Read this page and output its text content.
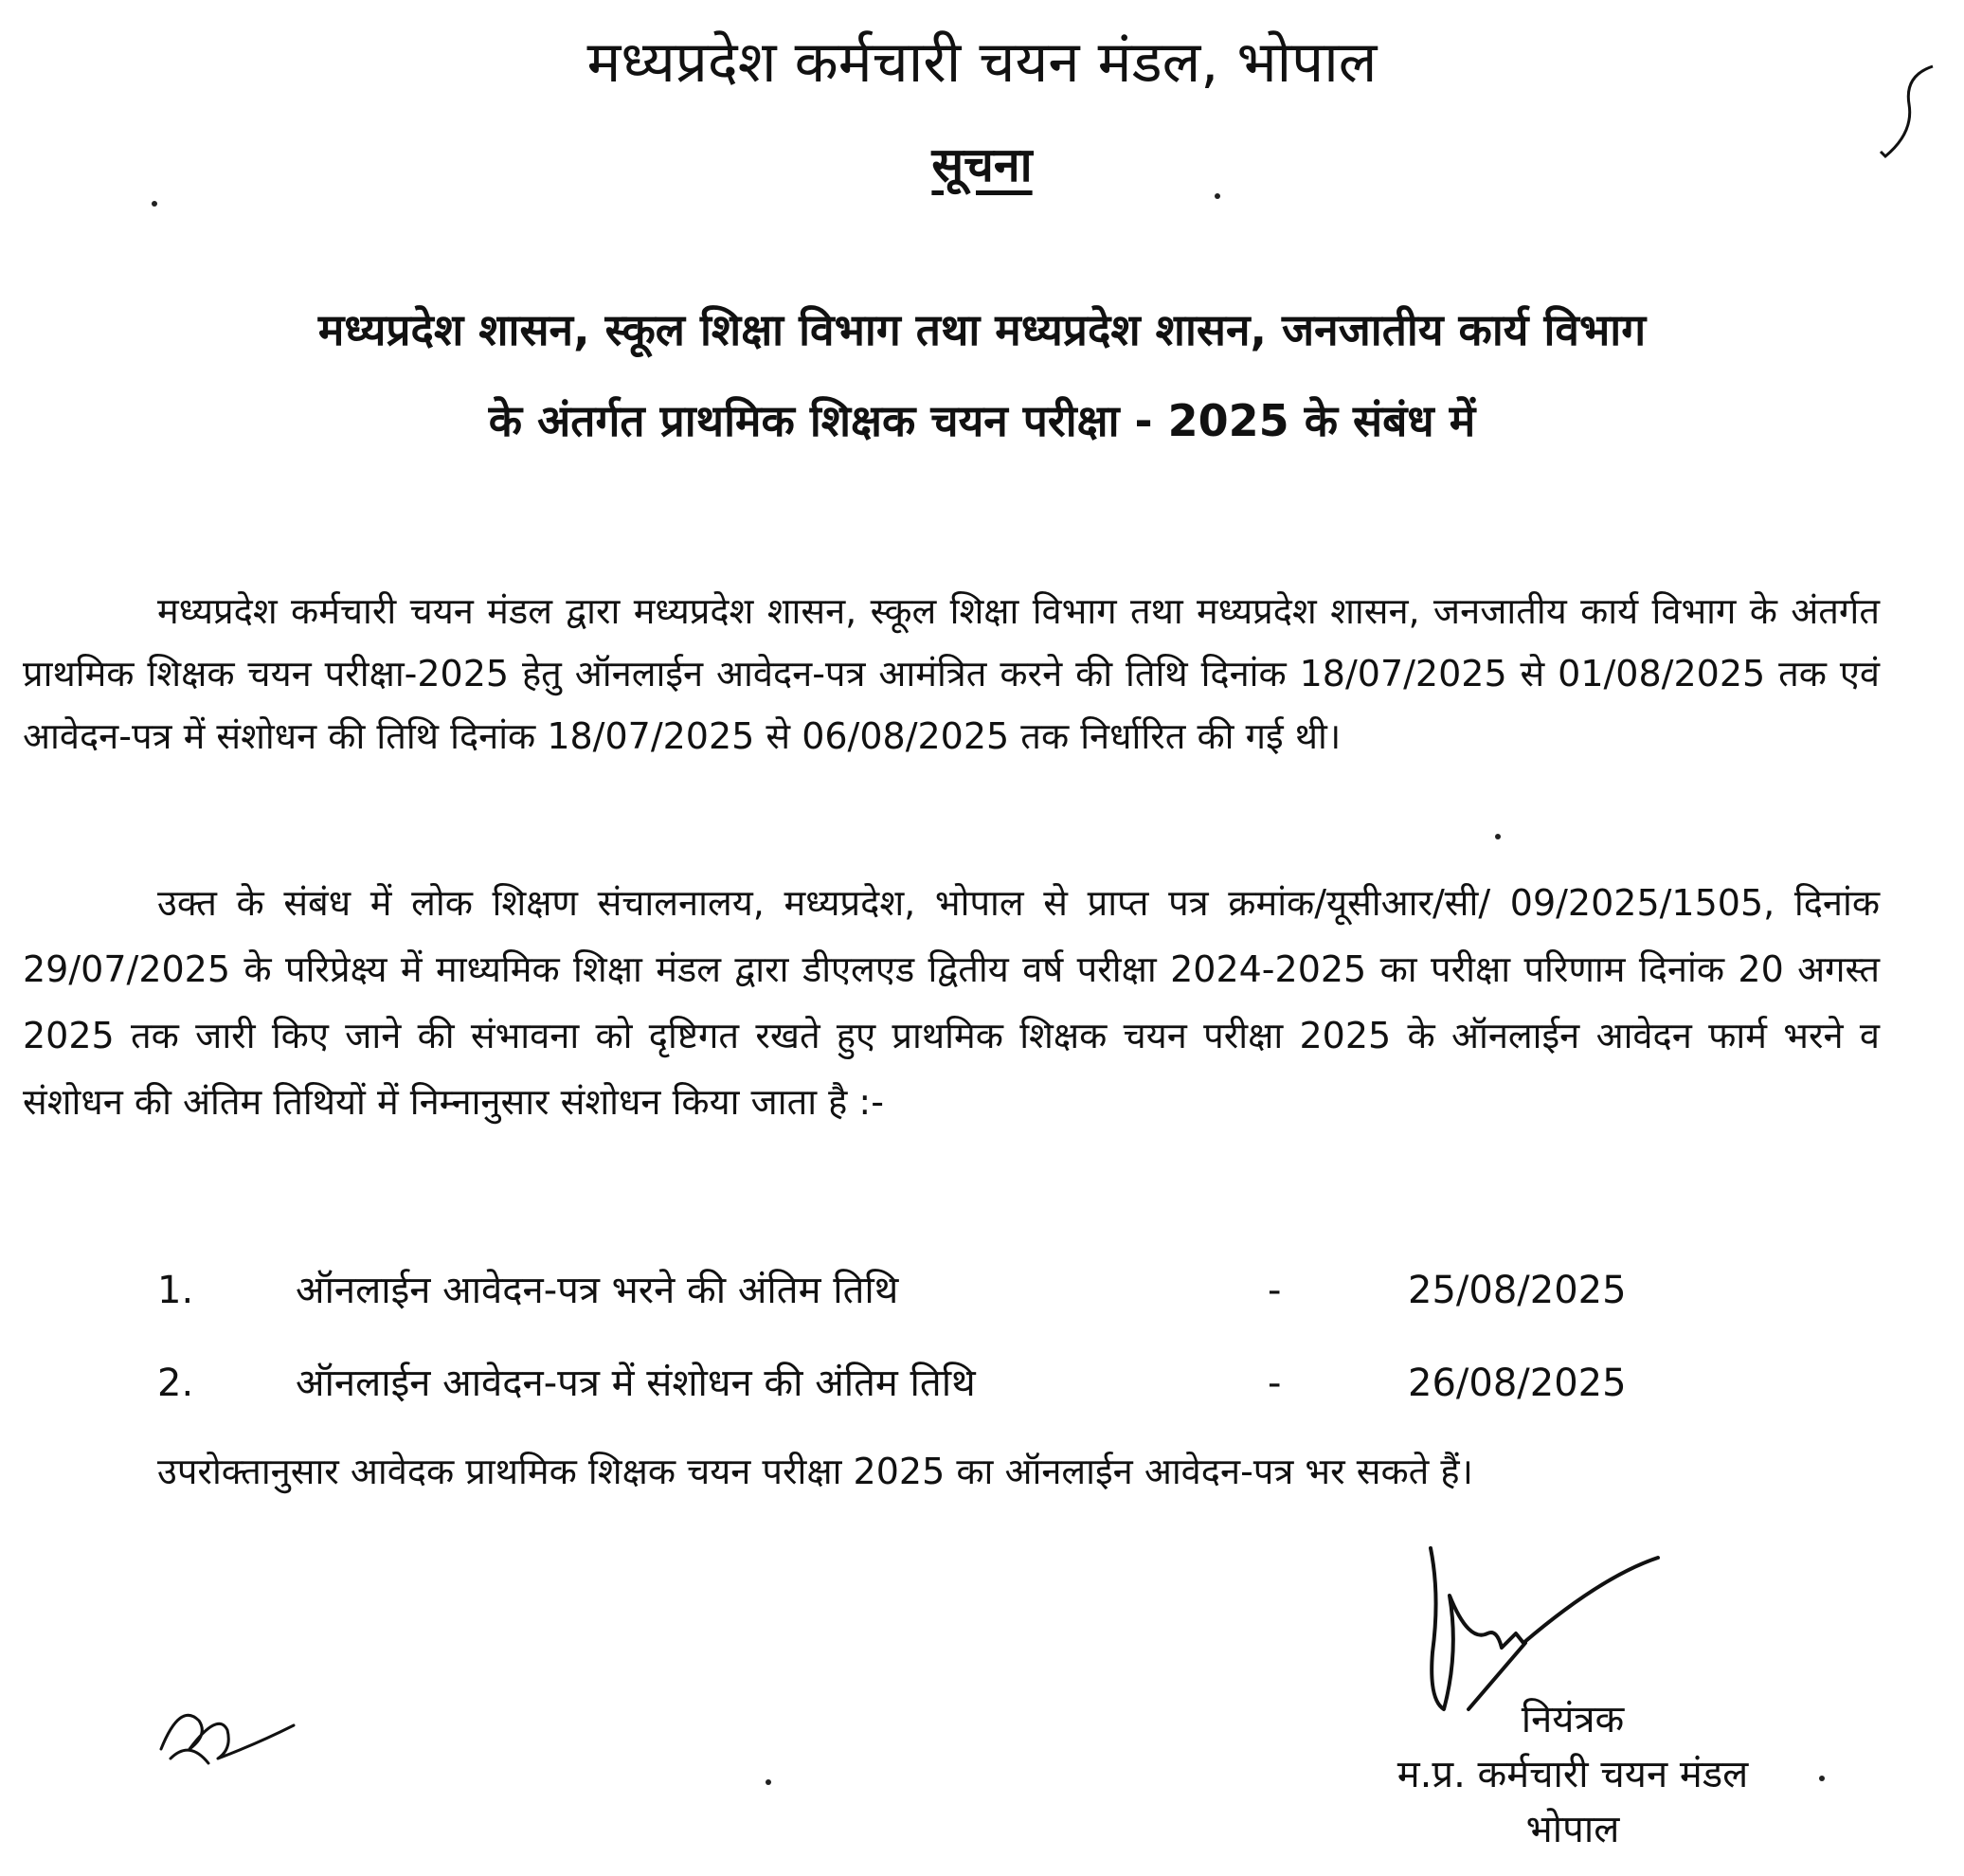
मध्यप्रदेश कर्मचारी चयन मंडल, भोपाल
सूचना
मध्यप्रदेश शासन, स्कूल शिक्षा विभाग तथा मध्यप्रदेश शासन, जनजातीय कार्य विभाग
के अंतर्गत प्राथमिक शिक्षक चयन परीक्षा - 2025 के संबंध में

मध्यप्रदेश कर्मचारी चयन मंडल द्वारा मध्यप्रदेश शासन, स्कूल शिक्षा विभाग तथा मध्यप्रदेश शासन, जनजातीय कार्य विभाग के अंतर्गत प्राथमिक शिक्षक चयन परीक्षा-2025 हेतु ऑनलाईन आवेदन-पत्र आमंत्रित करने की तिथि दिनांक 18/07/2025 से 01/08/2025 तक एवं आवेदन-पत्र में संशोधन की तिथि दिनांक 18/07/2025 से 06/08/2025 तक निर्धारित की गई थी।

उक्त के संबंध में लोक शिक्षण संचालनालय, मध्यप्रदेश, भोपाल से प्राप्त पत्र क्रमांक/यूसीआर/सी/ 09/2025/1505, दिनांक 29/07/2025 के परिप्रेक्ष्य में माध्यमिक शिक्षा मंडल द्वारा डीएलएड द्वितीय वर्ष परीक्षा 2024-2025 का परीक्षा परिणाम दिनांक 20 अगस्त 2025 तक जारी किए जाने की संभावना को दृष्टिगत रखते हुए प्राथमिक शिक्षक चयन परीक्षा 2025 के ऑनलाईन आवेदन फार्म भरने व संशोधन की अंतिम तिथियों में निम्नानुसार संशोधन किया जाता है :-

1.	ऑनलाईन आवेदन-पत्र भरने की अंतिम तिथि	-	25/08/2025
2.	ऑनलाईन आवेदन-पत्र में संशोधन की अंतिम तिथि	-	26/08/2025

उपरोक्तानुसार आवेदक प्राथमिक शिक्षक चयन परीक्षा 2025 का ऑनलाईन आवेदन-पत्र भर सकते हैं।

नियंत्रक
म.प्र. कर्मचारी चयन मंडल
भोपाल
